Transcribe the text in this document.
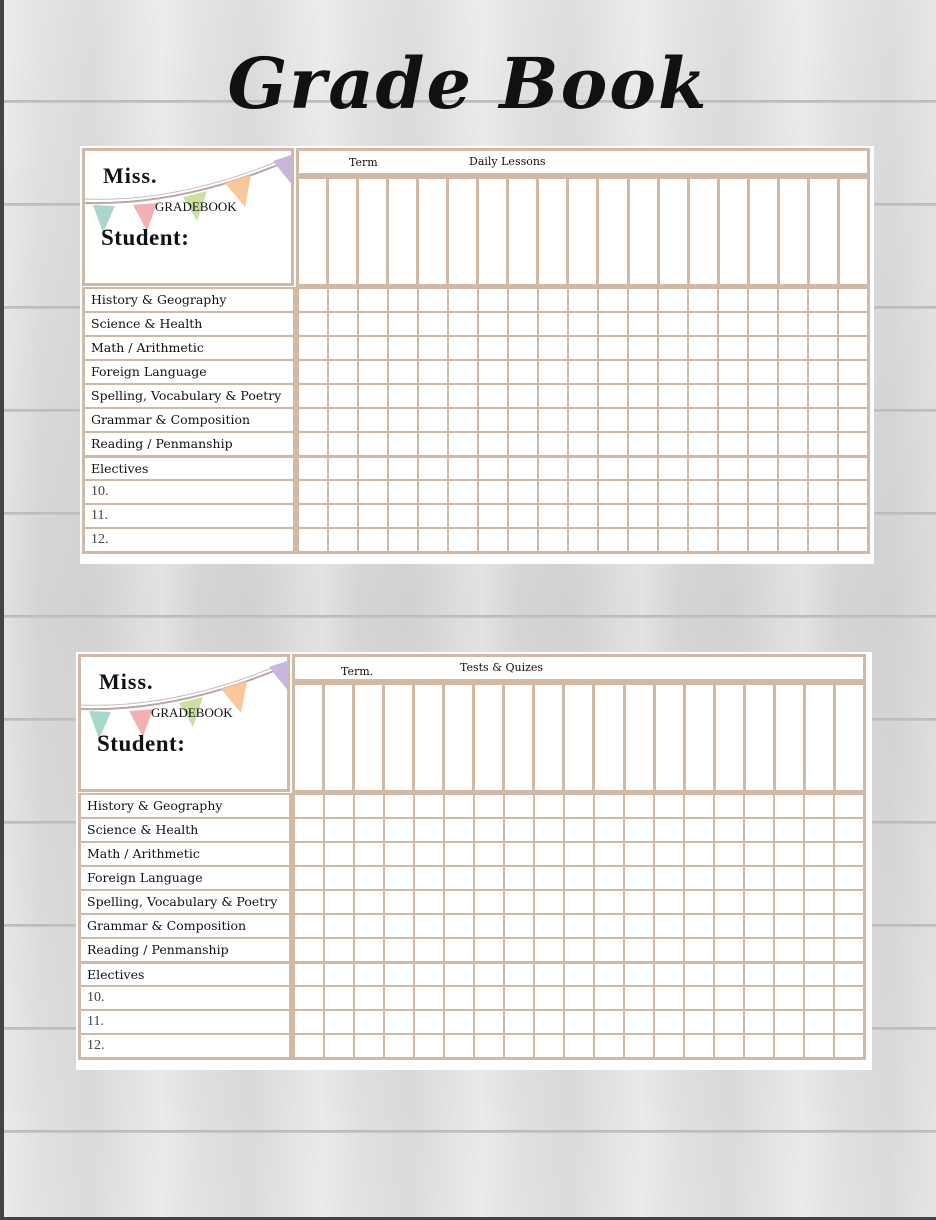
Grade Book
Miss.
GRADEBOOK
Student:
Term	Daily Lessons
History & Geography
Science & Health
Math / Arithmetic
Foreign Language
Spelling, Vocabulary & Poetry
Grammar & Composition
Reading / Penmanship
Electives
10.
11.
12.
Miss.
GRADEBOOK
Student:
Term.	Tests & Quizes
History & Geography
Science & Health
Math / Arithmetic
Foreign Language
Spelling, Vocabulary & Poetry
Grammar & Composition
Reading / Penmanship
Electives
10.
11.
12.
